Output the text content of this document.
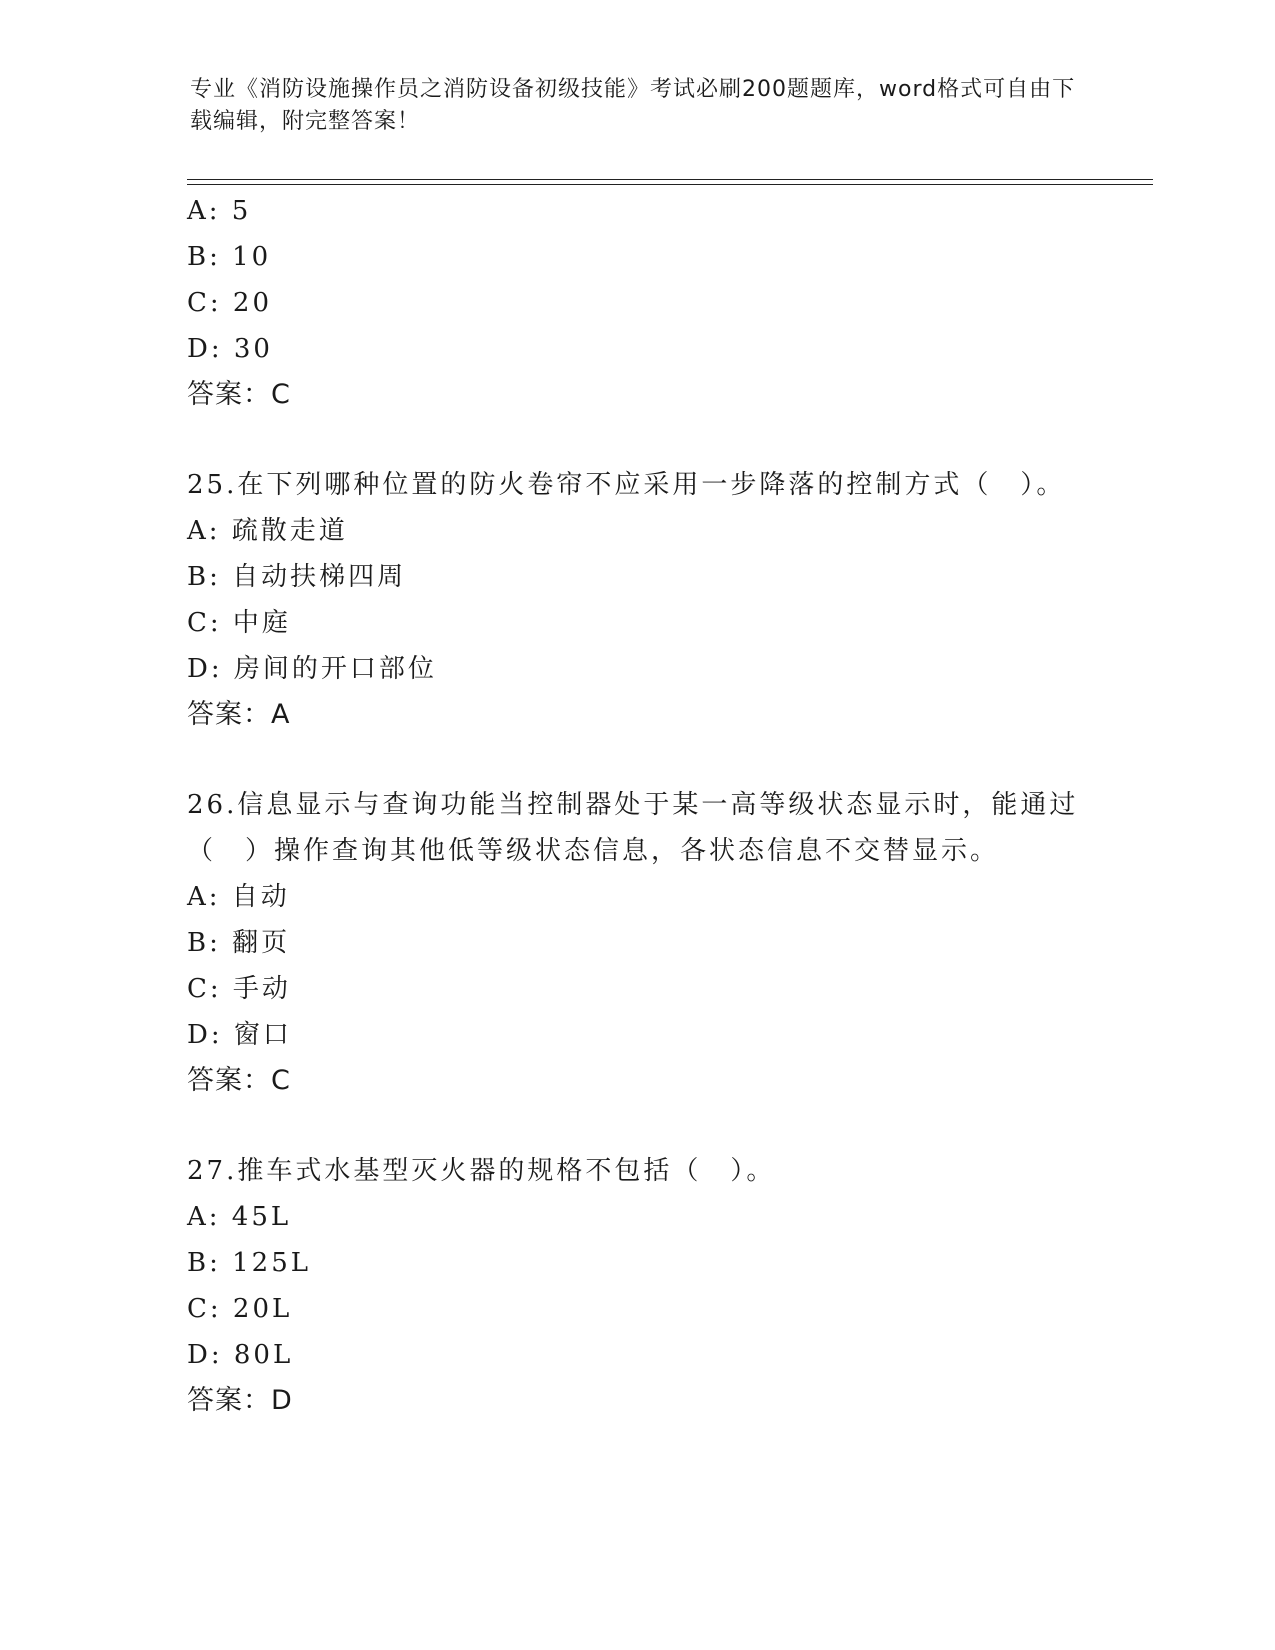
专业《消防设施操作员之消防设备初级技能》考试必刷200题题库，word格式可自由下载编辑，附完整答案！
A: 5
B: 10
C: 20
D: 30
答案：C
25.在下列哪种位置的防火卷帘不应采用一步降落的控制方式（　）。
A: 疏散走道
B: 自动扶梯四周
C: 中庭
D: 房间的开口部位
答案：A
26.信息显示与查询功能当控制器处于某一高等级状态显示时，能通过（　）操作查询其他低等级状态信息，各状态信息不交替显示。
A: 自动
B: 翻页
C: 手动
D: 窗口
答案：C
27.推车式水基型灭火器的规格不包括（　）。
A: 45L
B: 125L
C: 20L
D: 80L
答案：D
